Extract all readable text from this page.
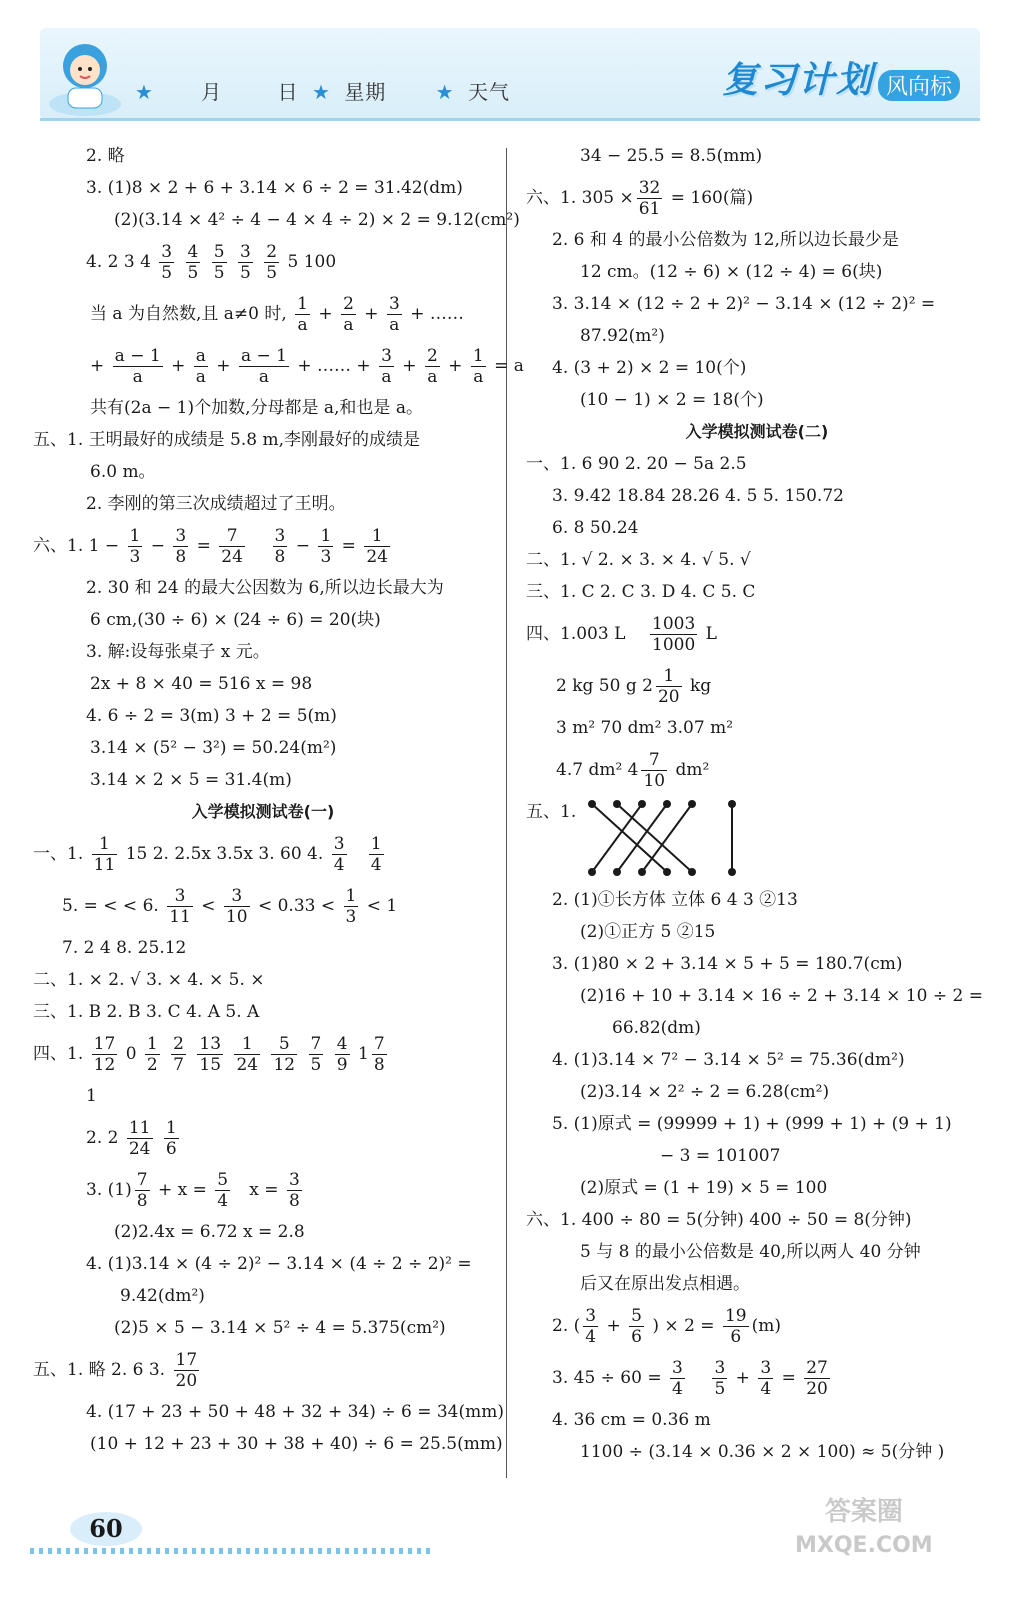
★ 月	日 ★ 星期 ★ 天气	复习计划 风向标
2. 略
3. (1)8 × 2 + 6 + 3.14 × 6 ÷ 2 = 31.42(dm)
(2)(3.14 × 4² ÷ 4 − 4 × 4 ÷ 2) × 2 = 9.12(cm²)
4. 2 3 $4 \frac{3}{5}$
$\frac{4}{5}$
$\frac{5}{5}$
$\frac{3}{5}$
$\frac{2}{5} 5$ 100
当 a 为自然数,且 a≠0 时, $\frac{1}{a} + \frac{2}{a} + \frac{3}{a}$ + ……
+ $\frac{a - 1}{a} + \frac{a}{a} + \frac{a - 1}{a}$ + …… + $\frac{3}{a} + \frac{2}{a} + \frac{1}{a} = a$
共有(2a − 1)个加数,分母都是 a,和也是 a。
五、1. 王明最好的成绩是 5.8 m,李刚最好的成绩是
6.0 m。
2. 李刚的第三次成绩超过了王明。
六、1. $1 - \frac{1}{3} - \frac{3}{8} = \frac{7}{24}$
$\frac{3}{8} - \frac{1}{3} = \frac{1}{24}$
2. 30 和 24 的最大公因数为 6,所以边长最大为
6 cm,(30 ÷ 6) × (24 ÷ 6) = 20(块)
3. 解:设每张桌子 x 元。
2x + 8 × 40 = 516 x = 98
4. 6 ÷ 2 = 3(m) 3 + 2 = 5(m)
3.14 × (5² − 3²) = 50.24(m²)
3.14 × 2 × 5 = 31.4(m)
入学模拟测试卷(一)
一、1. $\frac{1}{11} 15$ 2. 2.5x 3.5x 3. 60 4. $\frac{3}{4}$
$\frac{1}{4}$
5. = < < 6. $\frac{3}{11} < \frac{3}{10} < 0.33 < \frac{1}{3} < 1$
7. 2 4 8. 25.12
二、1. × 2. √ 3. × 4. × 5. ×
三、1. B 2. B 3. C 4. A 5. A
四、1. $\frac{17}{12} 0 \frac{1}{2}$
$\frac{2}{7}$
$\frac{13}{15}$
$\frac{1}{24}$
$\frac{5}{12}$
$\frac{7}{5}$
$\frac{4}{9} 1 \frac{7}{8}$
1
2. $2 \frac{11}{24}$
$\frac{1}{6}$
3. $(1) \frac{7}{8} + x = \frac{5}{4}$ $x = \frac{3}{8}$
(2)2.4x = 6.72 x = 2.8
4. (1)3.14 × (4 ÷ 2)² − 3.14 × (4 ÷ 2 ÷ 2)² =
9.42(dm²)
(2)5 × 5 − 3.14 × 5² ÷ 4 = 5.375(cm²)
五、1. 略 2. 6 3. $\frac{17}{20}$
4. (17 + 23 + 50 + 48 + 32 + 34) ÷ 6 = 34(mm)
(10 + 12 + 23 + 30 + 38 + 40) ÷ 6 = 25.5(mm)
34 − 25.5 = 8.5(mm)
六、1. $305 \times \frac{32}{61} = 160$(篇)
2. 6 和 4 的最小公倍数为 12,所以边长最少是
12 cm。(12 ÷ 6) × (12 ÷ 4) = 6(块)
3. 3.14 × (12 ÷ 2 + 2)² − 3.14 × (12 ÷ 2)² =
87.92(m²)
4. (3 + 2) × 2 = 10(个)
(10 − 1) × 2 = 18(个)
入学模拟测试卷(二)
一、1. 6 90 2. 20 − 5a 2.5
3. 9.42 18.84 28.26 4. 5 5. 150.72
6. 8 50.24
二、1. √ 2. × 3. × 4. √ 5. √
三、1. C 2. C 3. D 4. C 5. C
四、1.003 L $\frac{1003}{1000}$ L
2 kg 50 g $2 \frac{1}{20}$ kg
3 m² 70 dm² 3.07 m²
4.7 dm² $4 \frac{7}{10} dm^2$
五、1.
2. (1)①长方体 立体 6 4 3 ②13
(2)①正方 5 ②15
3. (1)80 × 2 + 3.14 × 5 + 5 = 180.7(cm)
(2)16 + 10 + 3.14 × 16 ÷ 2 + 3.14 × 10 ÷ 2 =
66.82(dm)
4. (1)3.14 × 7² − 3.14 × 5² = 75.36(dm²)
(2)3.14 × 2² ÷ 2 = 6.28(cm²)
5. (1)原式 = (99999 + 1) + (999 + 1) + (9 + 1)
− 3 = 101007
(2)原式 = (1 + 19) × 5 = 100
六、1. 400 ÷ 80 = 5(分钟) 400 ÷ 50 = 8(分钟)
5 与 8 的最小公倍数是 40,所以两人 40 分钟
后又在原出发点相遇。
2. ( $\frac{3}{4} + \frac{5}{6}$ ) × $2 = \frac{19}{6} (m)$
3. $45 \div 60 = \frac{3}{4}$
$\frac{3}{5} + \frac{3}{4} = \frac{27}{20}$
4. 36 cm = 0.36 m
1100 ÷ (3.14 × 0.36 × 2 × 100) ≈ 5(分钟 )
60
答案圈
MXQE.COM
